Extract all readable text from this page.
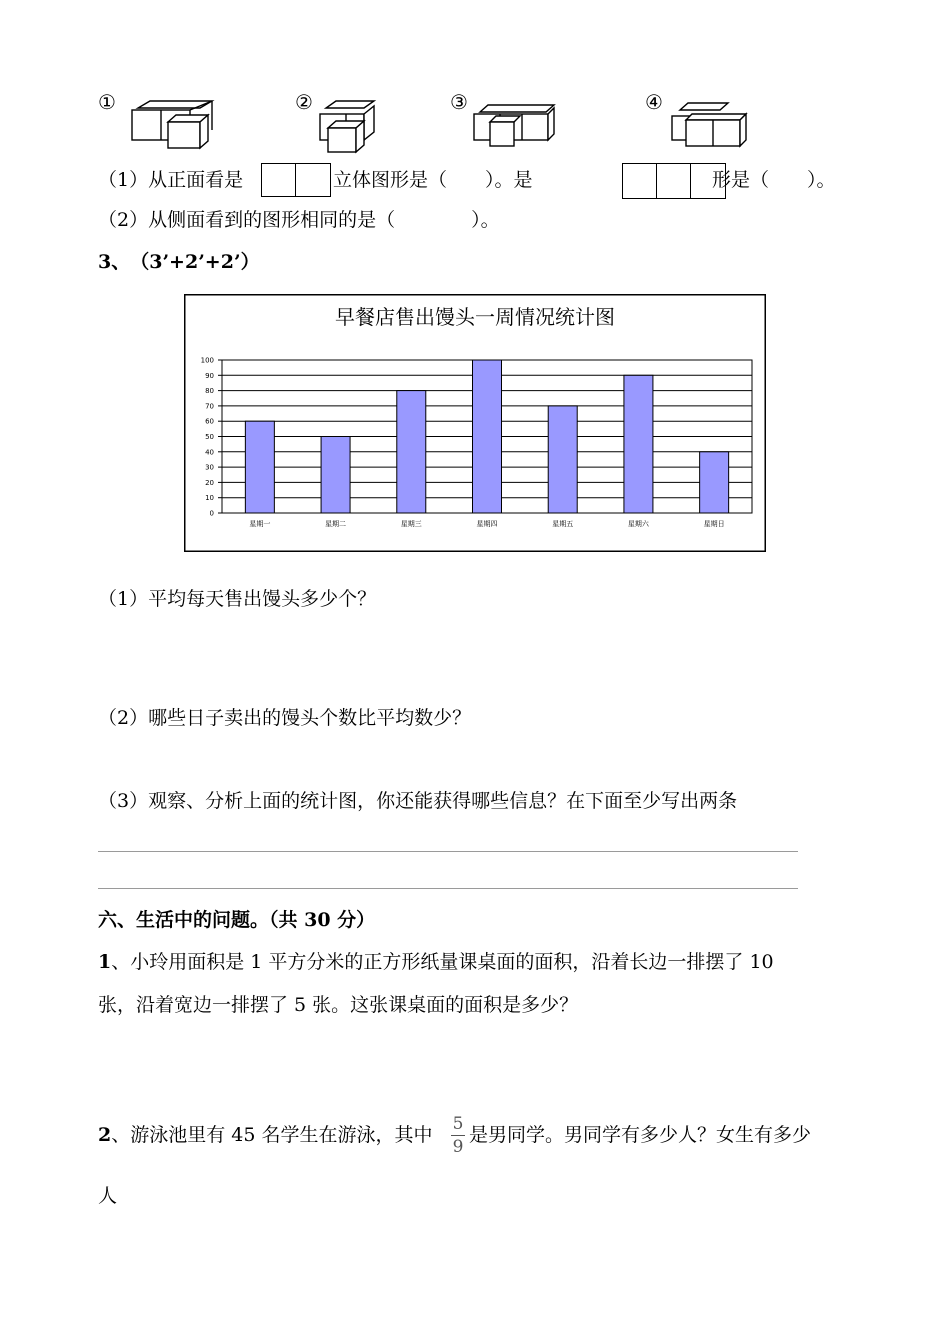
①	②	③	④
（1）从正面看是	立体图形是（　　）。是	形是（　　）。
（2）从侧面看到的图形相同的是（　　　　）。
3、　（3’+2’+2’）
早餐店售出馒头一周情况统计图
0
10
20
30
40
50
60
70
80
90
100
星期一	星期二	星期三	星期四	星期五	星期六	星期日
（1）平均每天售出馒头多少个？
（2）哪些日子卖出的馒头个数比平均数少？
（3）观察、分析上面的统计图，你还能获得哪些信息？在下面至少写出两条
六、生活中的问题。（共 30 分）
1、小玲用面积是 1 平方分米的正方形纸量课桌面的面积，沿着长边一排摆了 10
张，沿着宽边一排摆了 5 张。这张课桌面的面积是多少？
2、游泳池里有 45 名学生在游泳，其中 5
9
是男同学。男同学有多少人？女生有多少
人
